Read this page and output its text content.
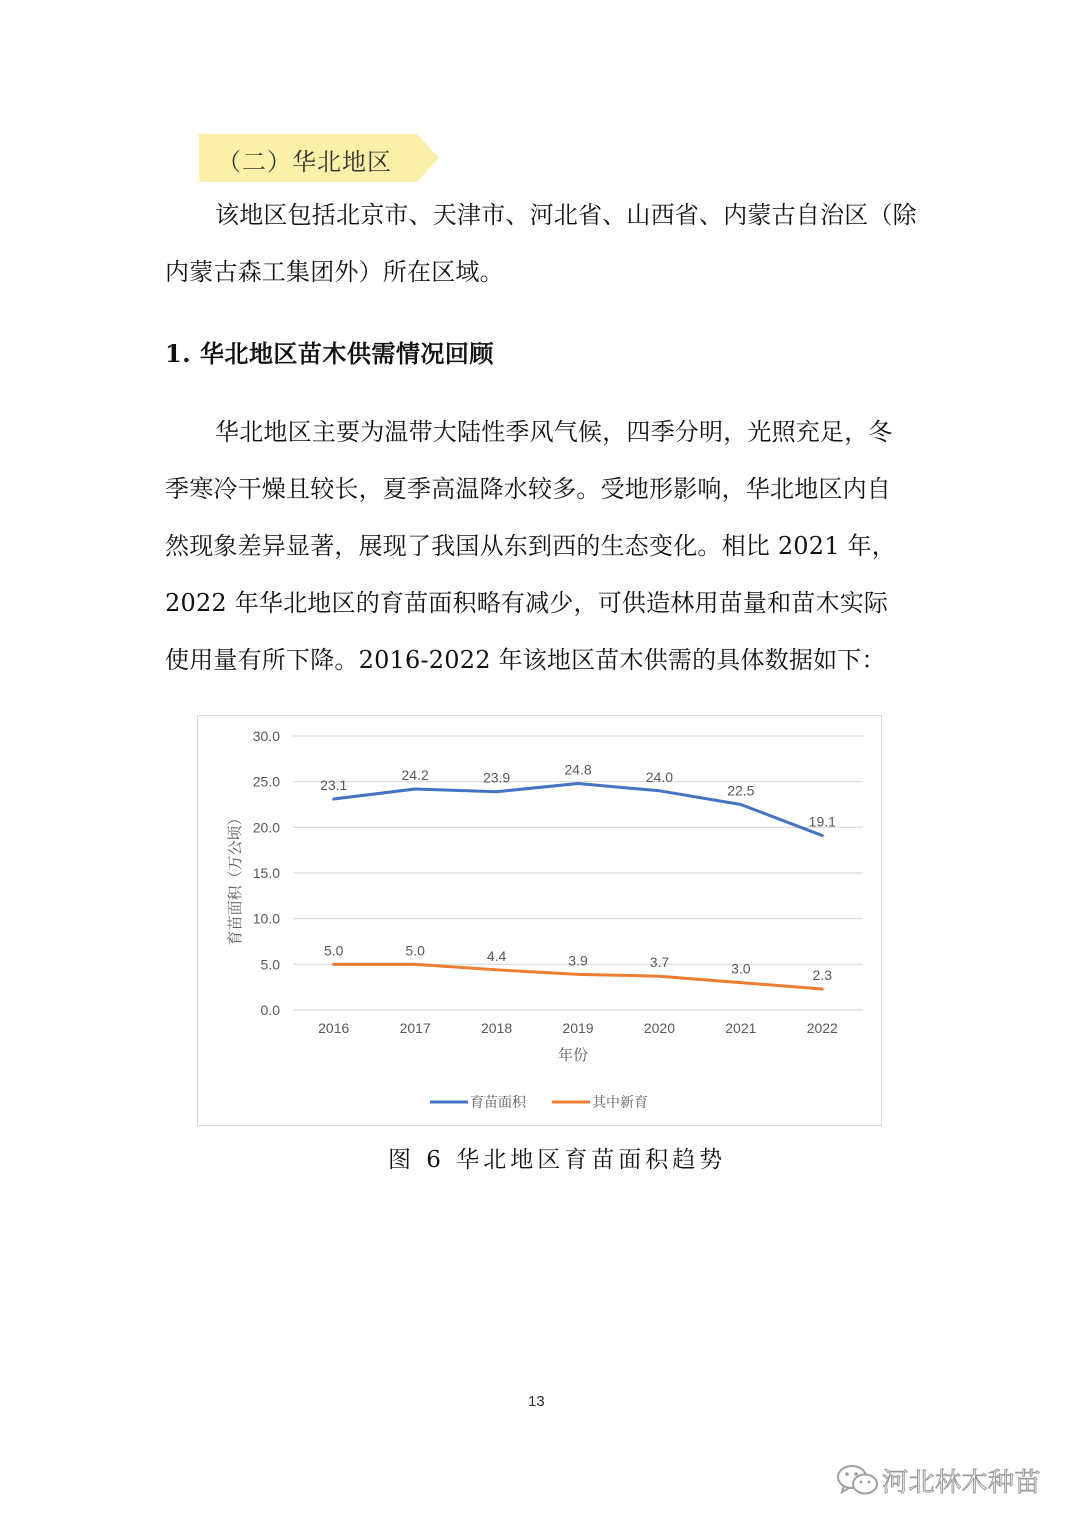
（二）华北地区
该地区包括北京市、天津市、河北省、山西省、内蒙古自治区（除
内蒙古森工集团外）所在区域。
1. 华北地区苗木供需情况回顾
华北地区主要为温带大陆性季风气候，四季分明，光照充足，冬
季寒冷干燥且较长，夏季高温降水较多。受地形影响，华北地区内自
然现象差异显著，展现了我国从东到西的生态变化。相比 2021 年，
2022 年华北地区的育苗面积略有减少，可供造林用苗量和苗木实际
使用量有所下降。2016-2022 年该地区苗木供需的具体数据如下：
0.0
5.0
10.0
15.0
20.0
25.0
30.0
2016	2017	2018	2019	2020	2021	2022
年份
育苗面积（万公顷）
23.1
24.2	23.9
24.8	24.0
22.5
19.1
5.0	5.0	4.4	3.9	3.7	3.0	2.3
育苗面积	其中新育

图 6 华北地区育苗面积趋势

13
河北林木种苗
